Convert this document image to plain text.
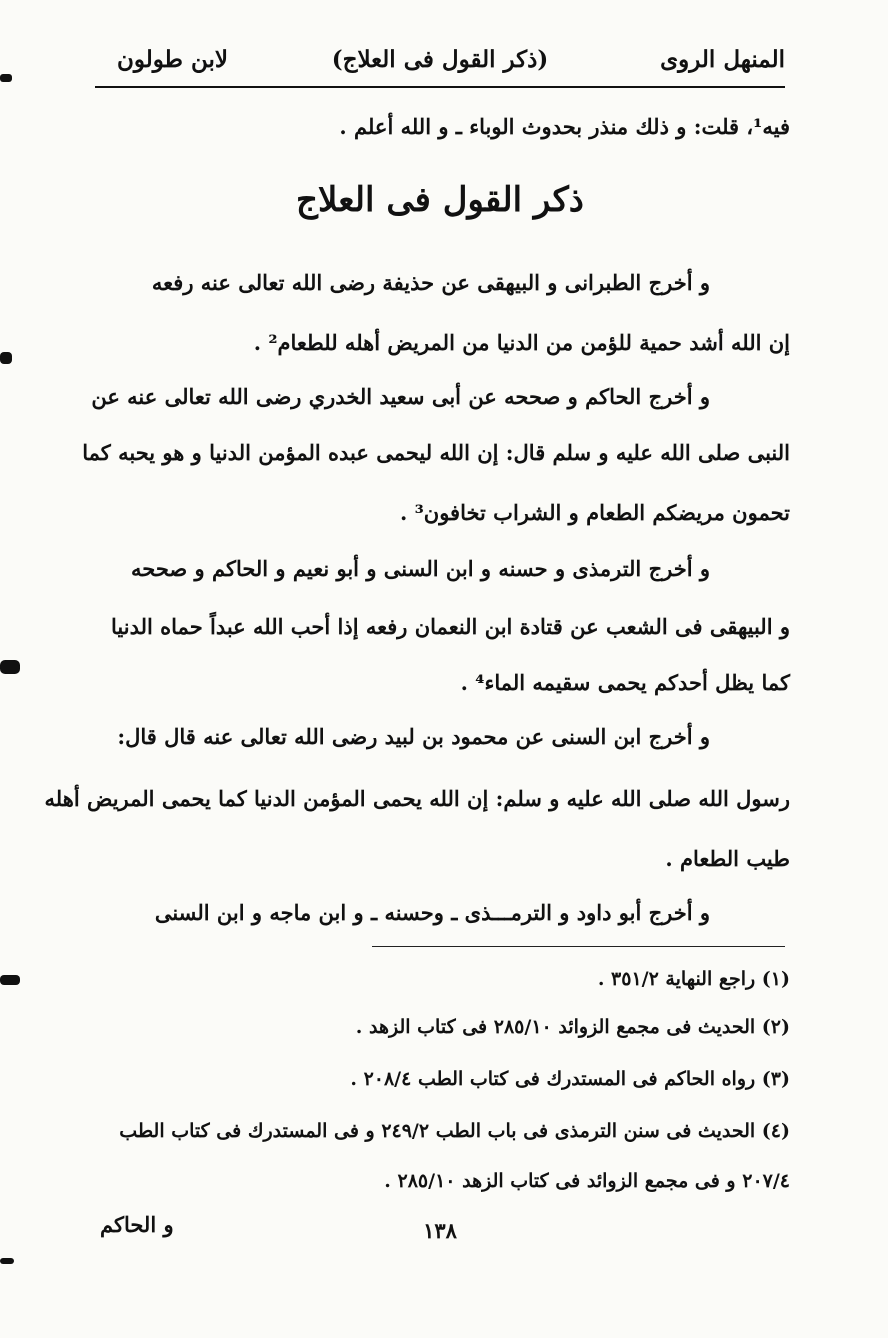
المنهل الروى
(ذكر القول فى العلاج)
لابن طولون
فيه¹، قلت: و ذلك منذر بحدوث الوباء ـ و الله أعلم .
ذكر القول فى العلاج
و أخرج الطبرانى و البيهقى عن حذيفة رضى الله تعالى عنه رفعه
إن الله أشد حمية للؤمن من الدنيا من المريض أهله للطعام² .
و أخرج الحاكم و صححه عن أبى سعيد الخدري رضى الله تعالى عنه عن
النبى صلى الله عليه و سلم قال: إن الله ليحمى عبده المؤمن الدنيا و هو يحبه كما
تحمون مريضكم الطعام و الشراب تخافون³ .
و أخرج الترمذى و حسنه و ابن السنى و أبو نعيم و الحاكم و صححه
و البيهقى فى الشعب عن قتادة ابن النعمان رفعه إذا أحب الله عبداً حماه الدنيا
كما يظل أحدكم يحمى سقيمه الماء⁴ .
و أخرج ابن السنى عن محمود بن لبيد رضى الله تعالى عنه قال قال:
رسول الله صلى الله عليه و سلم: إن الله يحمى المؤمن الدنيا كما يحمى المريض أهله
طيب الطعام .
و أخرج أبو داود و الترمـــذى ـ وحسنه ـ و ابن ماجه و ابن السنى
(١) راجع النهاية ٣٥١/٢ .
(٢) الحديث فى مجمع الزوائد ٢٨٥/١٠ فى كتاب الزهد .
(٣) رواه الحاكم فى المستدرك فى كتاب الطب ٢٠٨/٤ .
(٤) الحديث فى سنن الترمذى فى باب الطب ٢٤٩/٢ و فى المستدرك فى كتاب الطب
٢٠٧/٤ و فى مجمع الزوائد فى كتاب الزهد ٢٨٥/١٠ .
١٣٨
و الحاكم
